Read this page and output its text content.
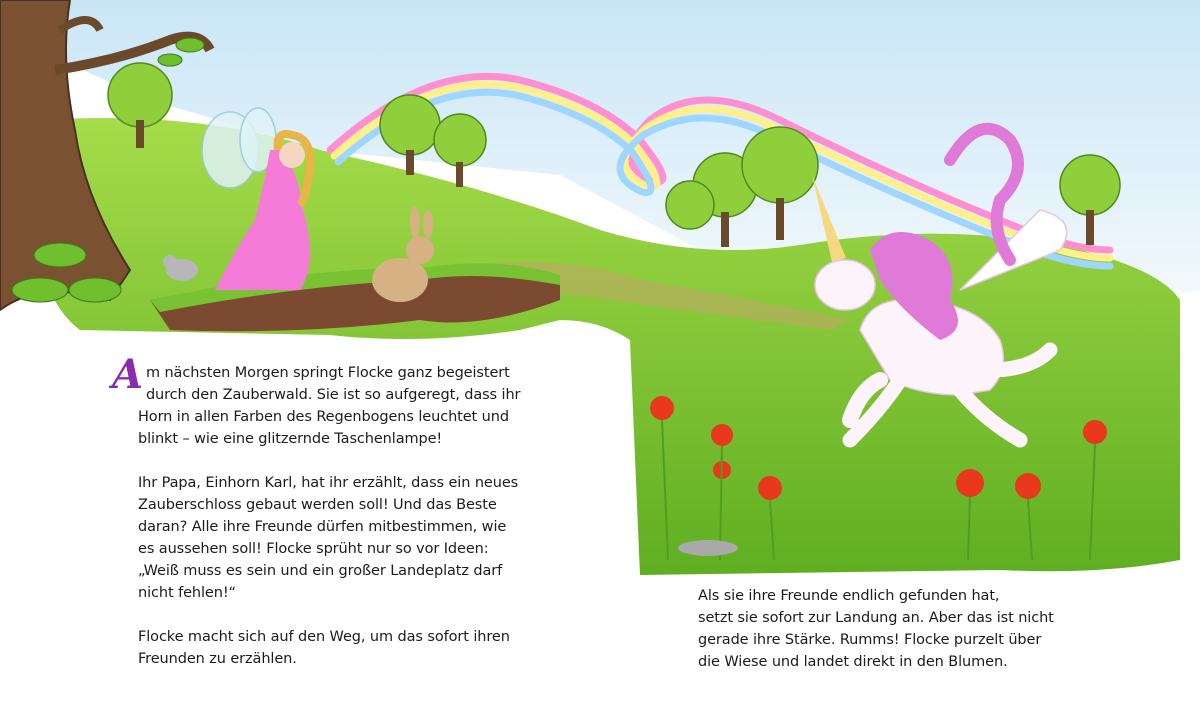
Am nächsten Morgen springt Flocke ganz begeistert
durch den Zauberwald. Sie ist so aufgeregt, dass ihr
Horn in allen Farben des Regenbogens leuchtet und
blinkt – wie eine glitzernde Taschenlampe!

Ihr Papa, Einhorn Karl, hat ihr erzählt, dass ein neues
Zauberschloss gebaut werden soll! Und das Beste
daran? Alle ihre Freunde dürfen mitbestimmen, wie
es aussehen soll! Flocke sprüht nur so vor Ideen:
„Weiß muss es sein und ein großer Landeplatz darf
nicht fehlen!“

Flocke macht sich auf den Weg, um das sofort ihren
Freunden zu erzählen.

Als sie ihre Freunde endlich gefunden hat,
setzt sie sofort zur Landung an. Aber das ist nicht
gerade ihre Stärke. Rumms! Flocke purzelt über
die Wiese und landet direkt in den Blumen.
